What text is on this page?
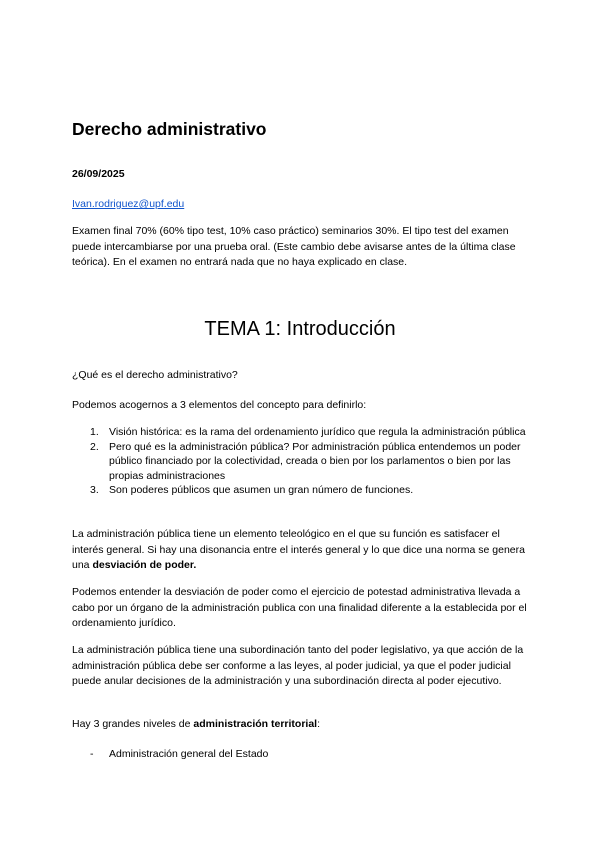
Derecho administrativo

26/09/2025

Ivan.rodriguez@upf.edu

Examen final 70% (60% tipo test, 10% caso práctico) seminarios 30%. El tipo test del examen puede intercambiarse por una prueba oral. (Este cambio debe avisarse antes de la última clase teórica). En el examen no entrará nada que no haya explicado en clase.

TEMA 1: Introducción

¿Qué es el derecho administrativo?

Podemos acogernos a 3 elementos del concepto para definirlo:

1. Visión histórica: es la rama del ordenamiento jurídico que regula la administración pública
2. Pero qué es la administración pública? Por administración pública entendemos un poder público financiado por la colectividad, creada o bien por los parlamentos o bien por las propias administraciones
3. Son poderes públicos que asumen un gran número de funciones.

La administración pública tiene un elemento teleológico en el que su función es satisfacer el interés general. Si hay una disonancia entre el interés general y lo que dice una norma se genera una desviación de poder.

Podemos entender la desviación de poder como el ejercicio de potestad administrativa llevada a cabo por un órgano de la administración publica con una finalidad diferente a la establecida por el ordenamiento jurídico.

La administración pública tiene una subordinación tanto del poder legislativo, ya que acción de la administración pública debe ser conforme a las leyes, al poder judicial, ya que el poder judicial puede anular decisiones de la administración y una subordinación directa al poder ejecutivo.

Hay 3 grandes niveles de administración territorial:

- Administración general del Estado
